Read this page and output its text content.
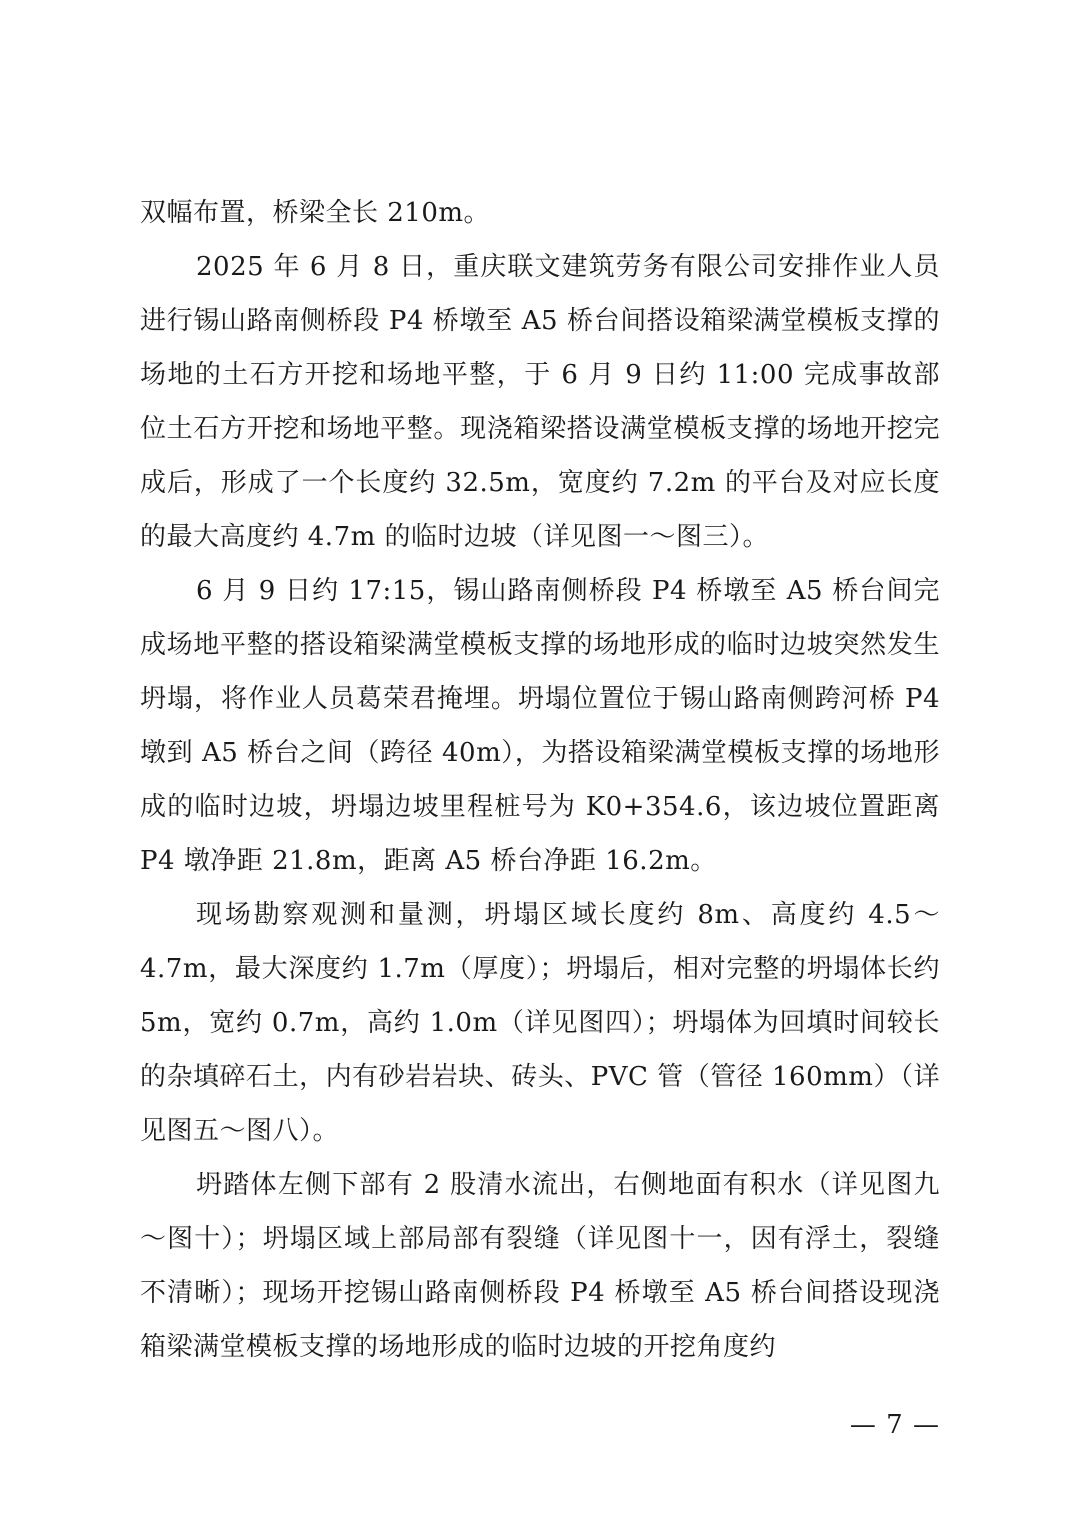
双幅布置，桥梁全长 210m。

2025 年 6 月 8 日，重庆联文建筑劳务有限公司安排作业人员进行锡山路南侧桥段 P4 桥墩至 A5 桥台间搭设箱梁满堂模板支撑的场地的土石方开挖和场地平整，于 6 月 9 日约 11:00 完成事故部位土石方开挖和场地平整。现浇箱梁搭设满堂模板支撑的场地开挖完成后，形成了一个长度约 32.5m，宽度约 7.2m 的平台及对应长度的最大高度约 4.7m 的临时边坡（详见图一～图三）。

6 月 9 日约 17:15，锡山路南侧桥段 P4 桥墩至 A5 桥台间完成场地平整的搭设箱梁满堂模板支撑的场地形成的临时边坡突然发生坍塌，将作业人员葛荣君掩埋。坍塌位置位于锡山路南侧跨河桥 P4 墩到 A5 桥台之间（跨径 40m），为搭设箱梁满堂模板支撑的场地形成的临时边坡，坍塌边坡里程桩号为 K0+354.6，该边坡位置距离 P4 墩净距 21.8m，距离 A5 桥台净距 16.2m。

现场勘察观测和量测，坍塌区域长度约 8m、高度约 4.5～4.7m，最大深度约 1.7m（厚度）；坍塌后，相对完整的坍塌体长约 5m，宽约 0.7m，高约 1.0m（详见图四）；坍塌体为回填时间较长的杂填碎石土，内有砂岩岩块、砖头、PVC 管（管径 160mm）（详见图五～图八）。

坍踏体左侧下部有 2 股清水流出，右侧地面有积水（详见图九～图十）；坍塌区域上部局部有裂缝（详见图十一，因有浮土，裂缝不清晰）；现场开挖锡山路南侧桥段 P4 桥墩至 A5 桥台间搭设现浇箱梁满堂模板支撑的场地形成的临时边坡的开挖角度约

— 7 —
